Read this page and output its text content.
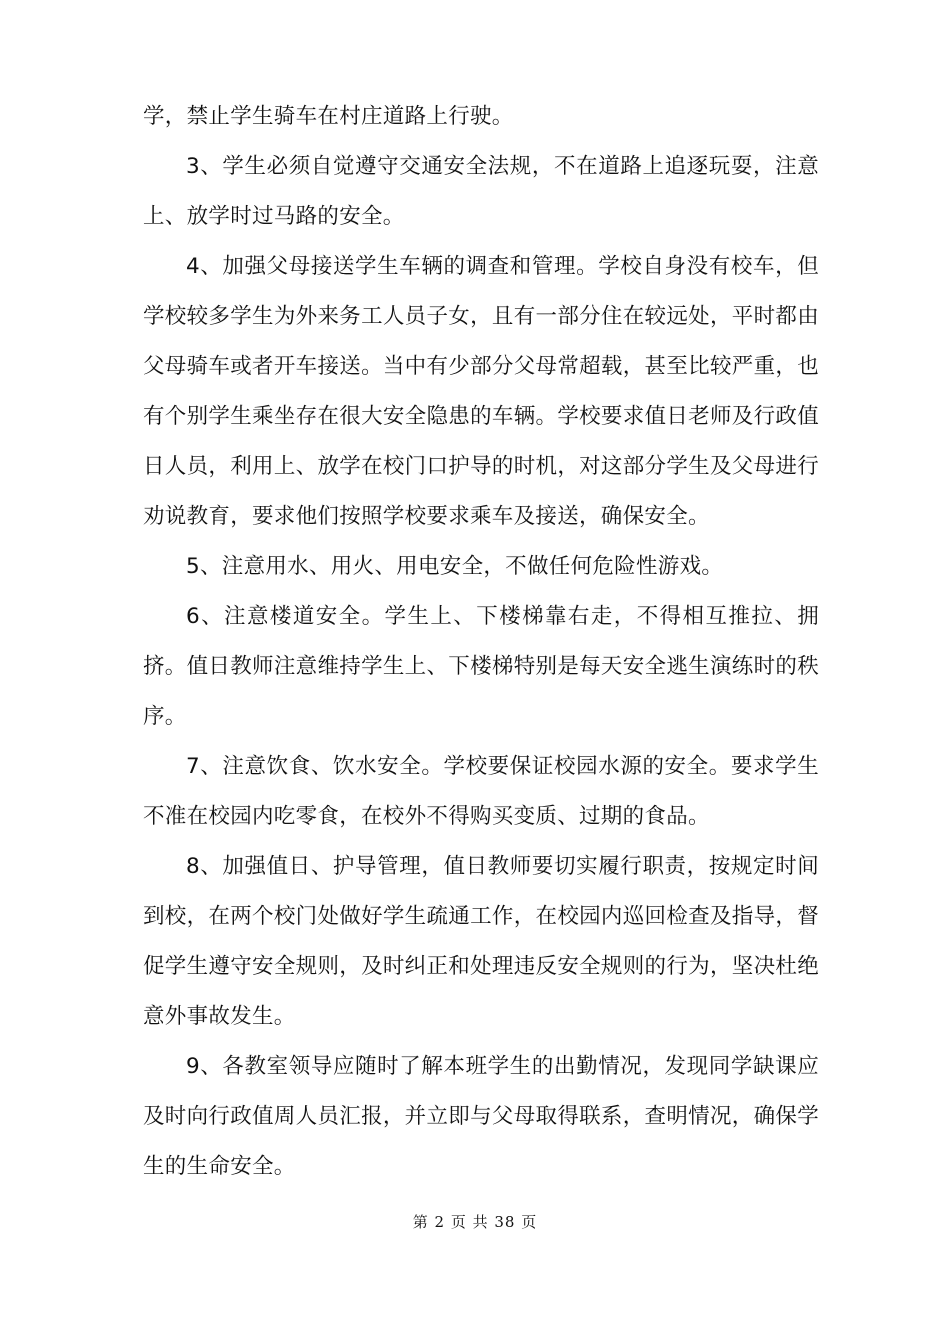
学，禁止学生骑车在村庄道路上行驶。

3、学生必须自觉遵守交通安全法规，不在道路上追逐玩耍，注意上、放学时过马路的安全。

4、加强父母接送学生车辆的调查和管理。学校自身没有校车，但学校较多学生为外来务工人员子女，且有一部分住在较远处，平时都由父母骑车或者开车接送。当中有少部分父母常超载，甚至比较严重，也有个别学生乘坐存在很大安全隐患的车辆。学校要求值日老师及行政值日人员，利用上、放学在校门口护导的时机，对这部分学生及父母进行劝说教育，要求他们按照学校要求乘车及接送，确保安全。

5、注意用水、用火、用电安全，不做任何危险性游戏。

6、注意楼道安全。学生上、下楼梯靠右走，不得相互推拉、拥挤。值日教师注意维持学生上、下楼梯特别是每天安全逃生演练时的秩序。

7、注意饮食、饮水安全。学校要保证校园水源的安全。要求学生不准在校园内吃零食，在校外不得购买变质、过期的食品。

8、加强值日、护导管理，值日教师要切实履行职责，按规定时间到校，在两个校门处做好学生疏通工作，在校园内巡回检查及指导，督促学生遵守安全规则，及时纠正和处理违反安全规则的行为，坚决杜绝意外事故发生。

9、各教室领导应随时了解本班学生的出勤情况，发现同学缺课应及时向行政值周人员汇报，并立即与父母取得联系，查明情况，确保学生的生命安全。

第 2 页 共 38 页
